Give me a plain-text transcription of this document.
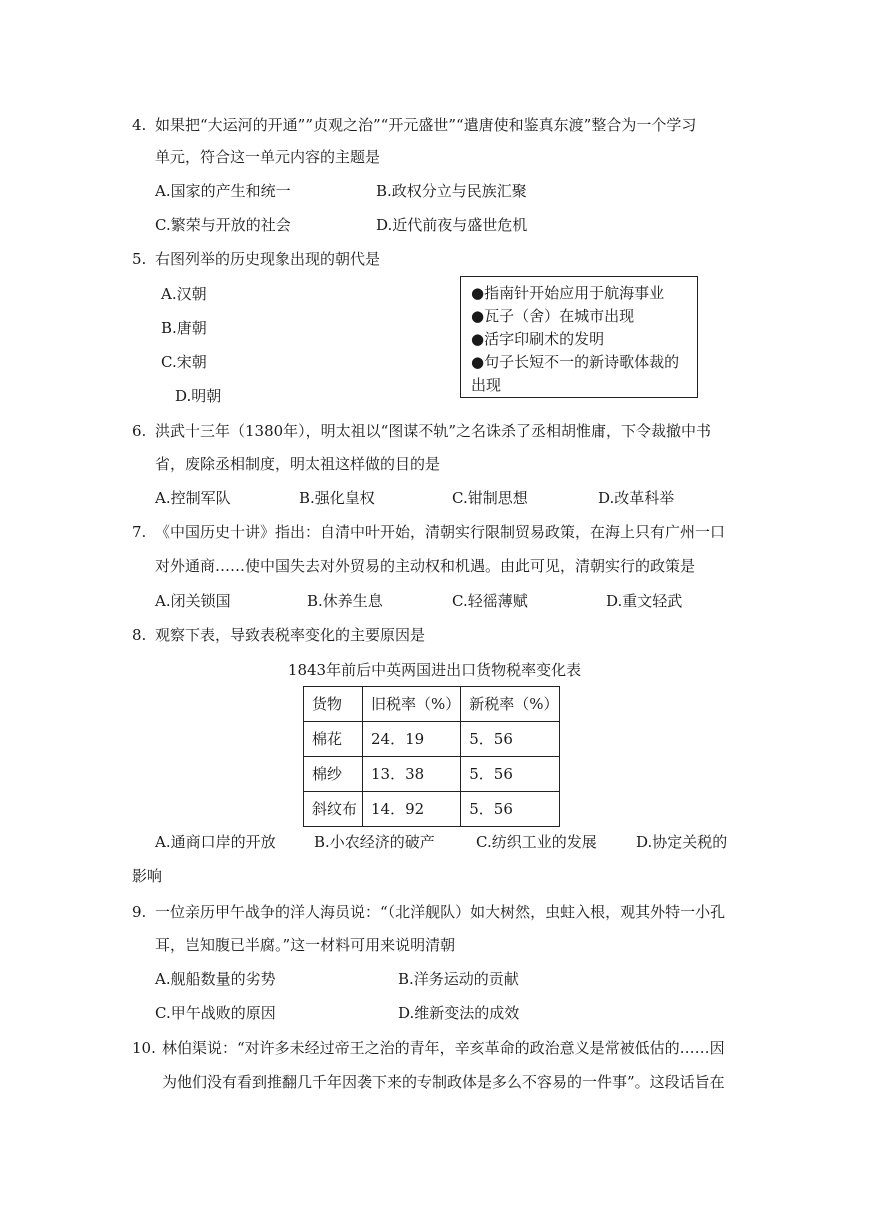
4. 如果把“大运河的开通””贞观之治”“开元盛世”“遣唐使和鉴真东渡”整合为一个学习
单元，符合这一单元内容的主题是
A.国家的产生和统一	B.政权分立与民族汇聚
C.繁荣与开放的社会	D.近代前夜与盛世危机
5. 右图列举的历史现象出现的朝代是
A.汉朝
B.唐朝
C.宋朝
D.明朝
●指南针开始应用于航海事业
●瓦子（舍）在城市出现
●活字印刷术的发明
●句子长短不一的新诗歌体裁的
出现
6. 洪武十三年（1380年），明太祖以“图谋不轨”之名诛杀了丞相胡惟庸，下令裁撤中书
省，废除丞相制度，明太祖这样做的目的是
A.控制军队	B.强化皇权	C.钳制思想	D.改革科举
7. 《中国历史十讲》指出：自清中叶开始，清朝实行限制贸易政策，在海上只有广州一口
对外通商……使中国失去对外贸易的主动权和机遇。由此可见，清朝实行的政策是
A.闭关锁国	B.休养生息	C.轻徭薄赋	D.重文轻武
8. 观察下表，导致表税率变化的主要原因是
1843年前后中英两国进出口货物税率变化表
货物	旧税率（%）	新税率（%）
棉花	24．19	5．56
棉纱	13．38	5．56
斜纹布	14．92	5．56
A.通商口岸的开放	B.小农经济的破产	C.纺织工业的发展	D.协定关税的
影响
9. 一位亲历甲午战争的洋人海员说：“（北洋舰队）如大树然，虫蛀入根，观其外特一小孔
耳，岂知腹已半腐。”这一材料可用来说明清朝
A.舰船数量的劣势	B.洋务运动的贡献
C.甲午战败的原因	D.维新变法的成效
10. 林伯渠说：“对许多未经过帝王之治的青年，辛亥革命的政治意义是常被低估的……因
为他们没有看到推翻几千年因袭下来的专制政体是多么不容易的一件事”。这段话旨在
